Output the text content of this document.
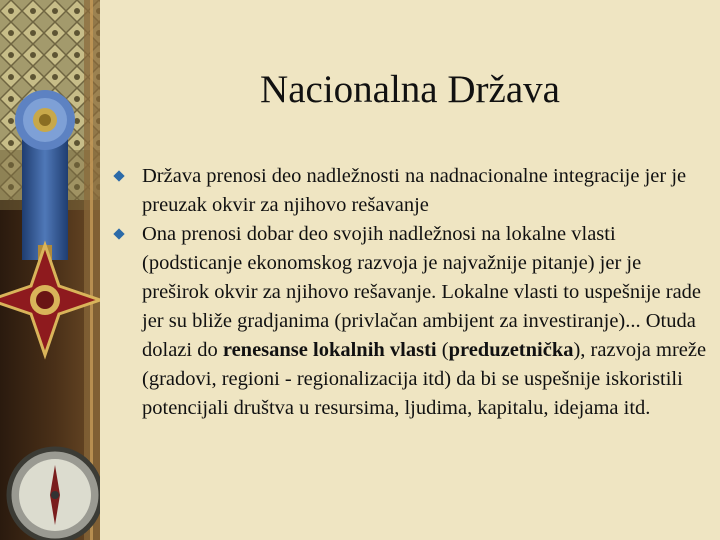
Nacionalna Država
Država prenosi deo nadležnosti na nadnacionalne integracije jer je preuzak okvir za njihovo rešavanje
Ona prenosi dobar deo svojih nadležnosi na lokalne vlasti (podsticanje ekonomskog razvoja je najvažnije pitanje) jer je preširok okvir za njihovo rešavanje. Lokalne vlasti to uspešnije rade jer su bliže gradjanima (privlačan ambijent za investiranje)... Otuda dolazi do renesanse lokalnih vlasti (preduzetnička), razvoja mreže (gradovi, regioni - regionalizacija itd) da bi se uspešnije iskoristili potencijali društva u resursima, ljudima, kapitalu, idejama itd.
